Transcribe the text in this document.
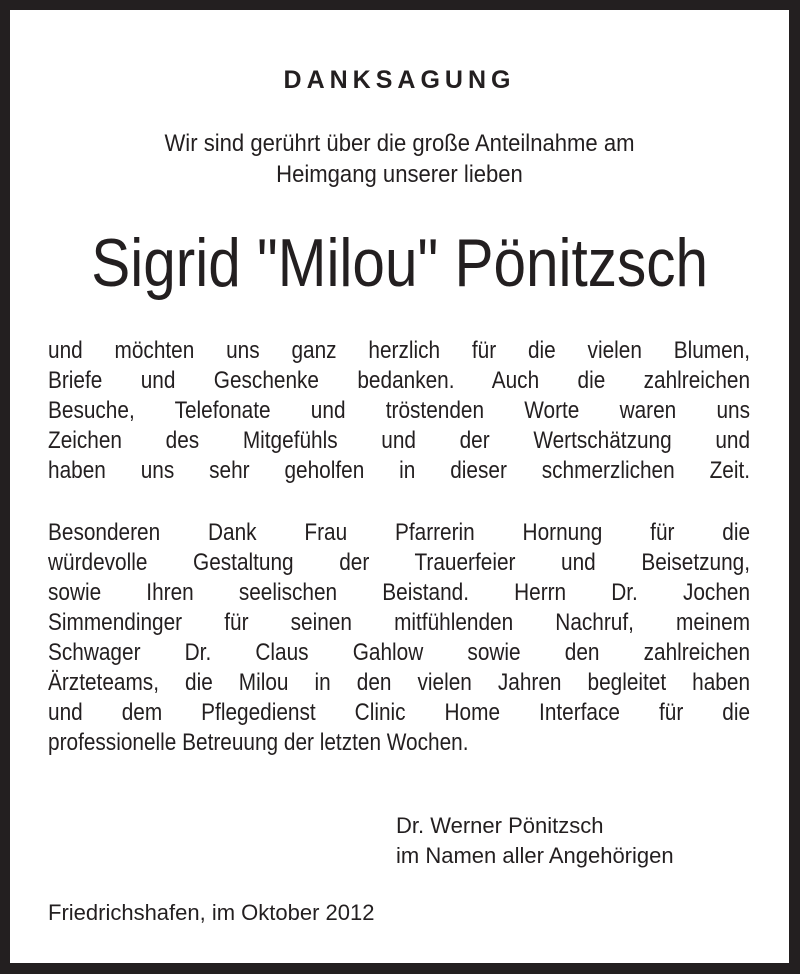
DANKSAGUNG
Wir sind gerührt über die große Anteilnahme am
Heimgang unserer lieben
Sigrid "Milou" Pönitzsch
und möchten uns ganz herzlich für die vielen Blumen,
Briefe und Geschenke bedanken. Auch die zahlreichen
Besuche, Telefonate und tröstenden Worte waren uns
Zeichen des Mitgefühls und der Wertschätzung und
haben uns sehr geholfen in dieser schmerzlichen Zeit.
Besonderen Dank Frau Pfarrerin Hornung für die
würdevolle Gestaltung der Trauerfeier und Beisetzung,
sowie Ihren seelischen Beistand. Herrn Dr. Jochen
Simmendinger für seinen mitfühlenden Nachruf, meinem
Schwager Dr. Claus Gahlow sowie den zahlreichen
Ärzteteams, die Milou in den vielen Jahren begleitet haben
und dem Pflegedienst Clinic Home Interface für die
professionelle Betreuung der letzten Wochen.
Dr. Werner Pönitzsch
im Namen aller Angehörigen
Friedrichshafen, im Oktober 2012
